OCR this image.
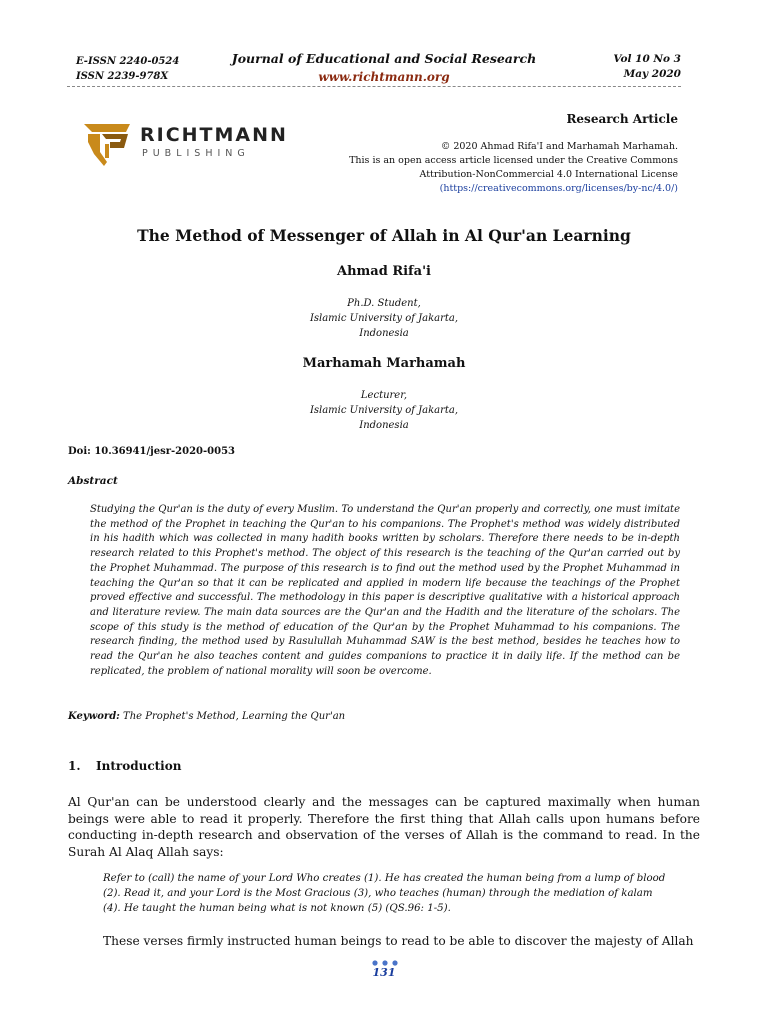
E-ISSN 2240-0524
ISSN 2239-978X
Journal of Educational and Social Research
www.richtmann.org
Vol 10 No 3
May 2020
RICHTMANN
PUBLISHING
Research Article
© 2020 Ahmad Rifa'I and Marhamah Marhamah.
This is an open access article licensed under the Creative Commons
Attribution-NonCommercial 4.0 International License
(https://creativecommons.org/licenses/by-nc/4.0/)
The Method of Messenger of Allah in Al Qur'an Learning
Ahmad Rifa'i
Ph.D. Student,
Islamic University of Jakarta,
Indonesia
Marhamah Marhamah
Lecturer,
Islamic University of Jakarta,
Indonesia
Doi: 10.36941/jesr-2020-0053
Abstract
Studying the Qur'an is the duty of every Muslim. To understand the Qur'an properly and correctly, one must imitate the method of the Prophet in teaching the Qur'an to his companions. The Prophet's method was widely distributed in his hadith which was collected in many hadith books written by scholars. Therefore there needs to be in-depth research related to this Prophet's method. The object of this research is the teaching of the Qur'an carried out by the Prophet Muhammad. The purpose of this research is to find out the method used by the Prophet Muhammad in teaching the Qur'an so that it can be replicated and applied in modern life because the teachings of the Prophet proved effective and successful. The methodology in this paper is descriptive qualitative with a historical approach and literature review. The main data sources are the Qur'an and the Hadith and the literature of the scholars. The scope of this study is the method of education of the Qur'an by the Prophet Muhammad to his companions. The research finding, the method used by Rasulullah Muhammad SAW is the best method, besides he teaches how to read the Qur'an he also teaches content and guides companions to practice it in daily life. If the method can be replicated, the problem of national morality will soon be overcome.
Keyword: The Prophet's Method, Learning the Qur'an
1. Introduction
Al Qur'an can be understood clearly and the messages can be captured maximally when human beings were able to read it properly. Therefore the first thing that Allah calls upon humans before conducting in-depth research and observation of the verses of Allah is the command to read. In the Surah Al Alaq Allah says:
Refer to (call) the name of your Lord Who creates (1). He has created the human being from a lump of blood (2). Read it, and your Lord is the Most Gracious (3), who teaches (human) through the mediation of kalam (4). He taught the human being what is not known (5) (QS.96: 1-5).
These verses firmly instructed human beings to read to be able to discover the majesty of Allah
131
